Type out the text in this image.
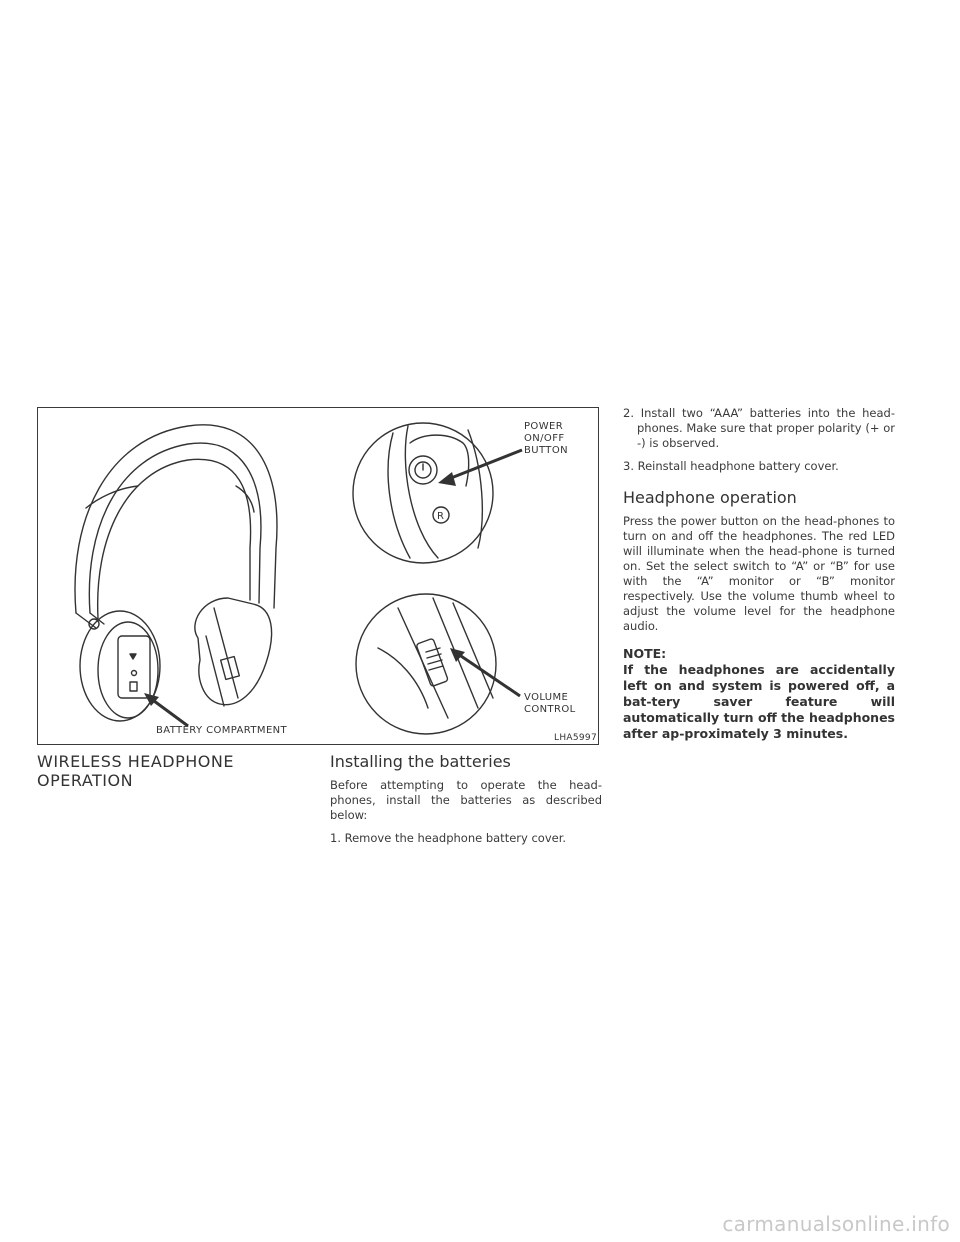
R
POWER
ON/OFF
BUTTON
VOLUME
CONTROL
BATTERY COMPARTMENT
LHA5997
WIRELESS HEADPHONE
OPERATION
Installing the batteries

Before attempting to operate the head-phones, install the batteries as described below:

1. Remove the headphone battery cover.
2. Install two “AAA” batteries into the head-phones. Make sure that proper polarity (+ or -) is observed.
3. Reinstall headphone battery cover.
Headphone operation

Press the power button on the head-phones to turn on and off the headphones. The red LED will illuminate when the head-phone is turned on. Set the select switch to “A” or “B” for use with the “A” monitor or “B” monitor respectively. Use the volume thumb wheel to adjust the volume level for the headphone audio.

NOTE:

If the headphones are accidentally left on and system is powered off, a bat-tery saver feature will automatically turn off the headphones after ap-proximately 3 minutes.

carmanualsonline.info
